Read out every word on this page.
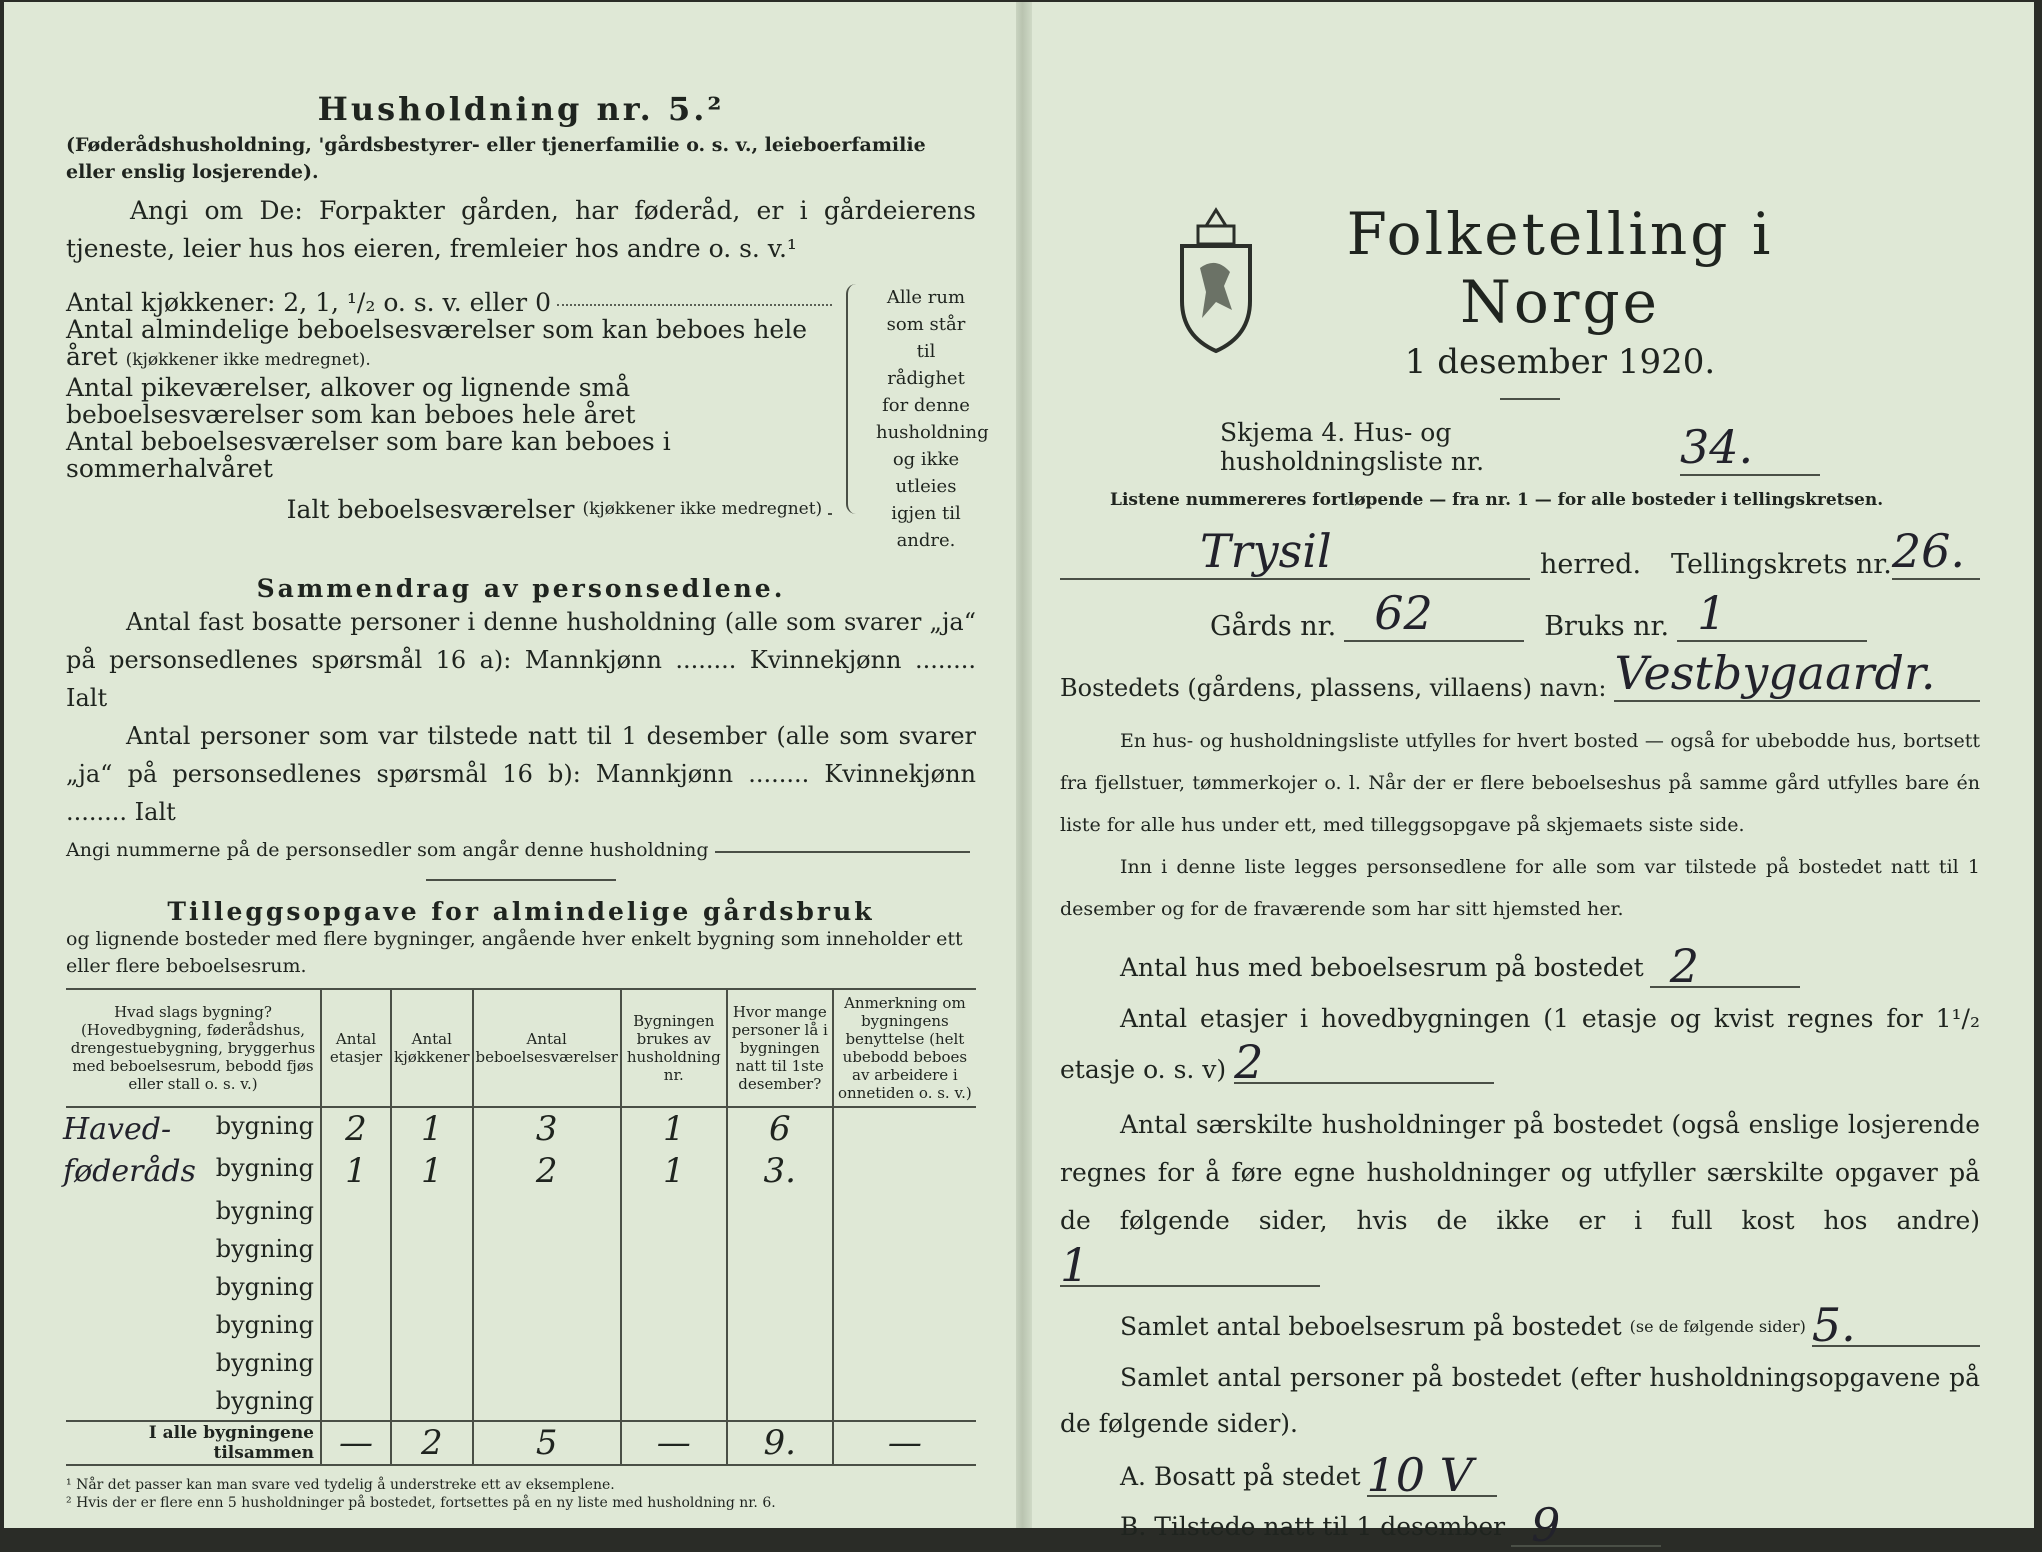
Husholdning nr. 5.²
(Føderådshusholdning, 'gårdsbestyrer- eller tjenerfamilie o. s. v., leieboerfamilie eller enslig losjerende).
Angi om De: Forpakter gården, har føderåd, er i gårdeierens tjeneste, leier hus hos eieren, fremleier hos andre o. s. v.¹
Antal kjøkkener: 2, 1, ¹/₂ o. s. v. eller 0
Antal almindelige beboelsesværelser som kan beboes hele året (kjøkkener ikke medregnet).
Antal pikeværelser, alkover og lignende små beboelsesværelser som kan beboes hele året
Antal beboelsesværelser som bare kan beboes i sommerhalvåret
Ialt beboelsesværelser
(kjøkkener ikke medregnet)
Alle rum som står til rådighet for denne husholdning og ikke utleies igjen til andre.
Sammendrag av personsedlene.
Antal fast bosatte personer i denne husholdning (alle som svarer „ja“ på personsedlenes spørsmål 16 a): Mannkjønn ........ Kvinnekjønn ........ Ialt
Antal personer som var tilstede natt til 1 desember (alle som svarer „ja“ på personsedlenes spørsmål 16 b): Mannkjønn ........ Kvinnekjønn ........ Ialt
Angi nummerne på de personsedler som angår denne husholdning
Tilleggsopgave for almindelige gårdsbruk
og lignende bosteder med flere bygninger, angående hver enkelt bygning som inneholder ett eller flere beboelsesrum.
Hvad slags bygning? (Hovedbygning, føderådshus, drengestuebygning, bryggerhus med beboelsesrum, bebodd fjøs eller stall o. s. v.)	Antal etasjer	Antal kjøkkener	Antal beboelsesværelser	Bygningen brukes av husholdning nr.	Hvor mange personer lå i bygningen natt til 1ste desember?	Anmerkning om bygningens benyttelse (helt ubebodd beboes av arbeidere i onnetiden o. s. v.)

Haved- bygning	2	1	3	1	6	

føderåds bygning	1	1	2	1	3.	

bygning						

bygning						

bygning						

bygning						

bygning						

bygning						
I alle bygningene tilsammen	—	2	5	—	9.	—
¹ Når det passer kan man svare ved tydelig å understreke ett av eksemplene.
² Hvis der er flere enn 5 husholdninger på bostedet, fortsettes på en ny liste med husholdning nr. 6.
Folketelling i Norge
1 desember 1920.
Skjema 4. Hus- og husholdningsliste nr.	34.
Listene nummereres fortløpende — fra nr. 1 — for alle bosteder i tellingskretsen.
Trysil	herred. Tellingskrets nr. 26.
Gårds nr. 62	Bruks nr. 1
Bostedets (gårdens, plassens, villaens) navn: Vestbygaardr.
En hus- og husholdningsliste utfylles for hvert bosted — også for ubebodde hus, bortsett fra fjellstuer, tømmerkojer o. l. Når der er flere beboelseshus på samme gård utfylles bare én liste for alle hus under ett, med tilleggsopgave på skjemaets siste side.
Inn i denne liste legges personsedlene for alle som var tilstede på bostedet natt til 1 desember og for de fraværende som har sitt hjemsted her.
Antal hus med beboelsesrum på bostedet 2
Antal etasjer i hovedbygningen (1 etasje og kvist regnes for 1¹/₂ etasje o. s. v) 2
Antal særskilte husholdninger på bostedet (også enslige losjerende regnes for å føre egne husholdninger og utfyller særskilte opgaver på de følgende sider, hvis de ikke er i full kost hos andre) 1
Samlet antal beboelsesrum på bostedet
(se de følgende sider) 5.
Samlet antal personer på bostedet (efter husholdningsopgavene på de følgende sider).
A. Bosatt på stedet 10 V
B. Tilstede natt til 1 desember 9
